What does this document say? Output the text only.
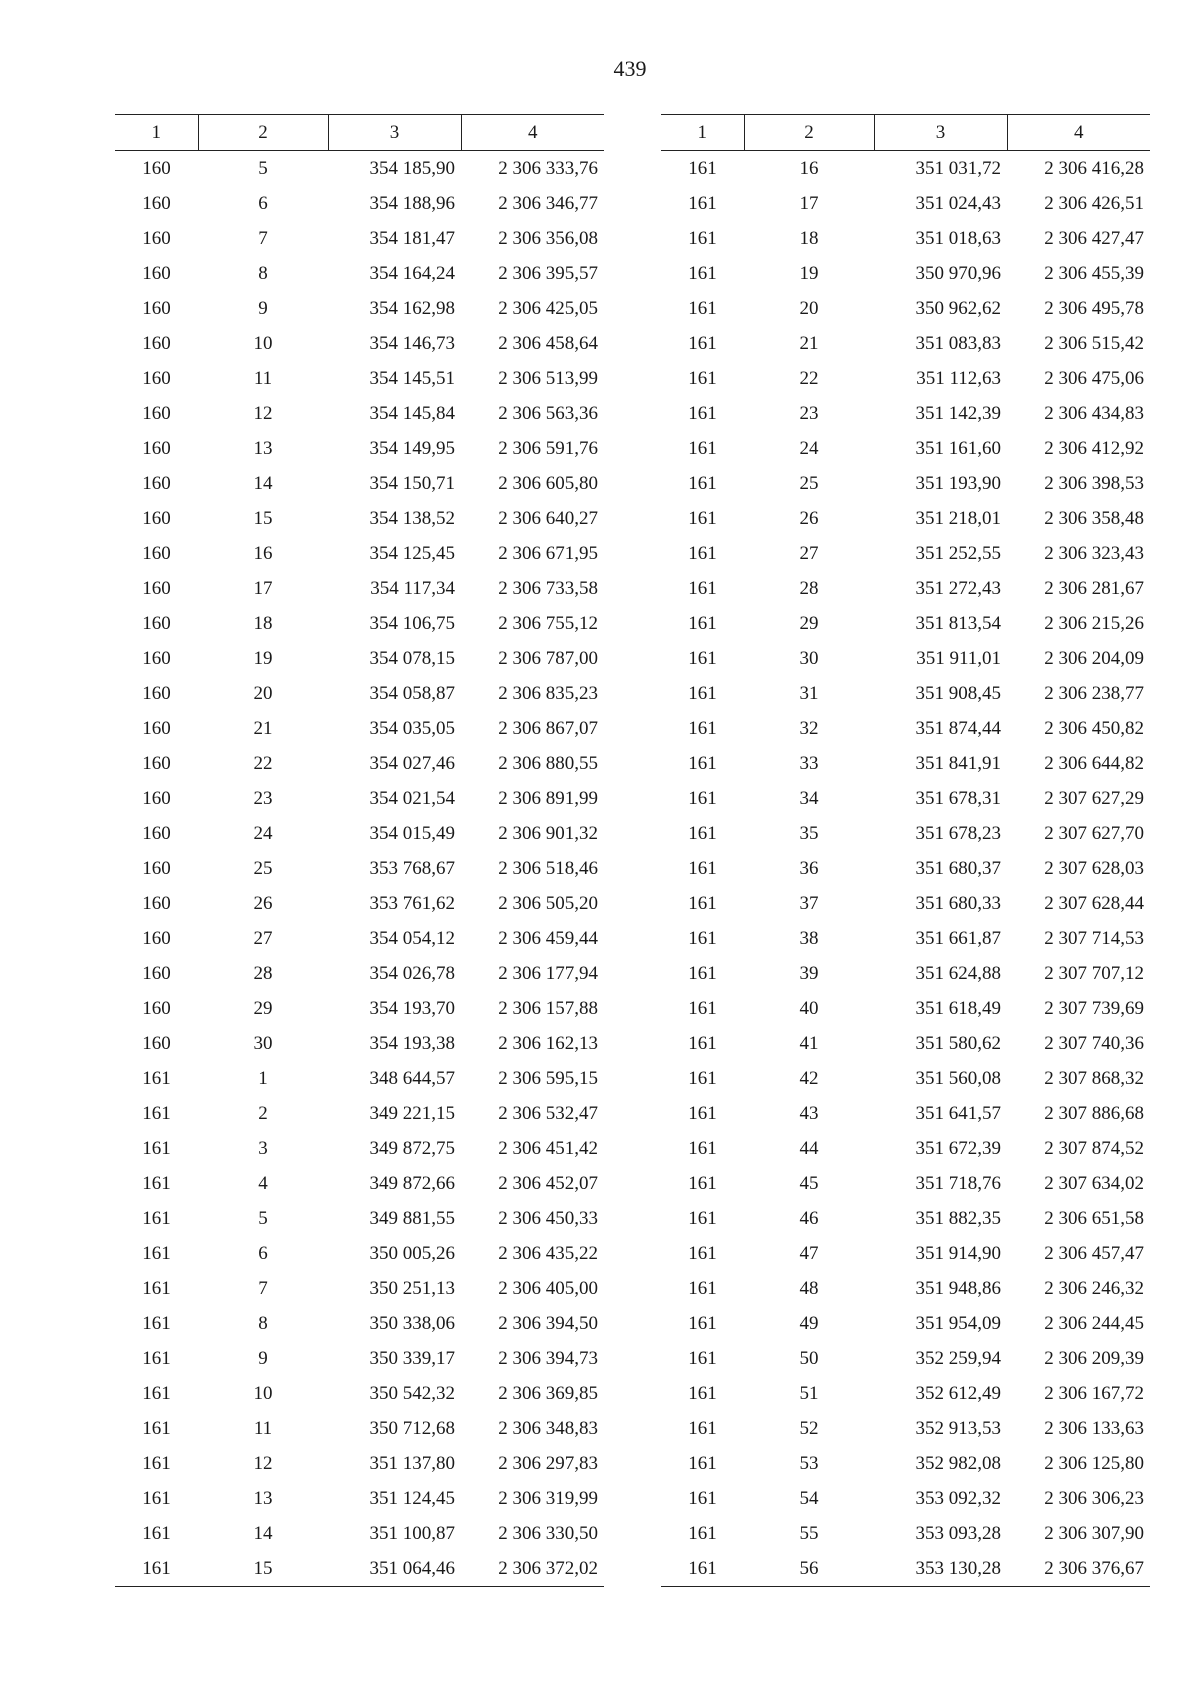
439
1	2	3	4
160	5	354 185,90	2 306 333,76
160	6	354 188,96	2 306 346,77
160	7	354 181,47	2 306 356,08
160	8	354 164,24	2 306 395,57
160	9	354 162,98	2 306 425,05
160	10	354 146,73	2 306 458,64
160	11	354 145,51	2 306 513,99
160	12	354 145,84	2 306 563,36
160	13	354 149,95	2 306 591,76
160	14	354 150,71	2 306 605,80
160	15	354 138,52	2 306 640,27
160	16	354 125,45	2 306 671,95
160	17	354 117,34	2 306 733,58
160	18	354 106,75	2 306 755,12
160	19	354 078,15	2 306 787,00
160	20	354 058,87	2 306 835,23
160	21	354 035,05	2 306 867,07
160	22	354 027,46	2 306 880,55
160	23	354 021,54	2 306 891,99
160	24	354 015,49	2 306 901,32
160	25	353 768,67	2 306 518,46
160	26	353 761,62	2 306 505,20
160	27	354 054,12	2 306 459,44
160	28	354 026,78	2 306 177,94
160	29	354 193,70	2 306 157,88
160	30	354 193,38	2 306 162,13
161	1	348 644,57	2 306 595,15
161	2	349 221,15	2 306 532,47
161	3	349 872,75	2 306 451,42
161	4	349 872,66	2 306 452,07
161	5	349 881,55	2 306 450,33
161	6	350 005,26	2 306 435,22
161	7	350 251,13	2 306 405,00
161	8	350 338,06	2 306 394,50
161	9	350 339,17	2 306 394,73
161	10	350 542,32	2 306 369,85
161	11	350 712,68	2 306 348,83
161	12	351 137,80	2 306 297,83
161	13	351 124,45	2 306 319,99
161	14	351 100,87	2 306 330,50
161	15	351 064,46	2 306 372,02
1	2	3	4
161	16	351 031,72	2 306 416,28
161	17	351 024,43	2 306 426,51
161	18	351 018,63	2 306 427,47
161	19	350 970,96	2 306 455,39
161	20	350 962,62	2 306 495,78
161	21	351 083,83	2 306 515,42
161	22	351 112,63	2 306 475,06
161	23	351 142,39	2 306 434,83
161	24	351 161,60	2 306 412,92
161	25	351 193,90	2 306 398,53
161	26	351 218,01	2 306 358,48
161	27	351 252,55	2 306 323,43
161	28	351 272,43	2 306 281,67
161	29	351 813,54	2 306 215,26
161	30	351 911,01	2 306 204,09
161	31	351 908,45	2 306 238,77
161	32	351 874,44	2 306 450,82
161	33	351 841,91	2 306 644,82
161	34	351 678,31	2 307 627,29
161	35	351 678,23	2 307 627,70
161	36	351 680,37	2 307 628,03
161	37	351 680,33	2 307 628,44
161	38	351 661,87	2 307 714,53
161	39	351 624,88	2 307 707,12
161	40	351 618,49	2 307 739,69
161	41	351 580,62	2 307 740,36
161	42	351 560,08	2 307 868,32
161	43	351 641,57	2 307 886,68
161	44	351 672,39	2 307 874,52
161	45	351 718,76	2 307 634,02
161	46	351 882,35	2 306 651,58
161	47	351 914,90	2 306 457,47
161	48	351 948,86	2 306 246,32
161	49	351 954,09	2 306 244,45
161	50	352 259,94	2 306 209,39
161	51	352 612,49	2 306 167,72
161	52	352 913,53	2 306 133,63
161	53	352 982,08	2 306 125,80
161	54	353 092,32	2 306 306,23
161	55	353 093,28	2 306 307,90
161	56	353 130,28	2 306 376,67
